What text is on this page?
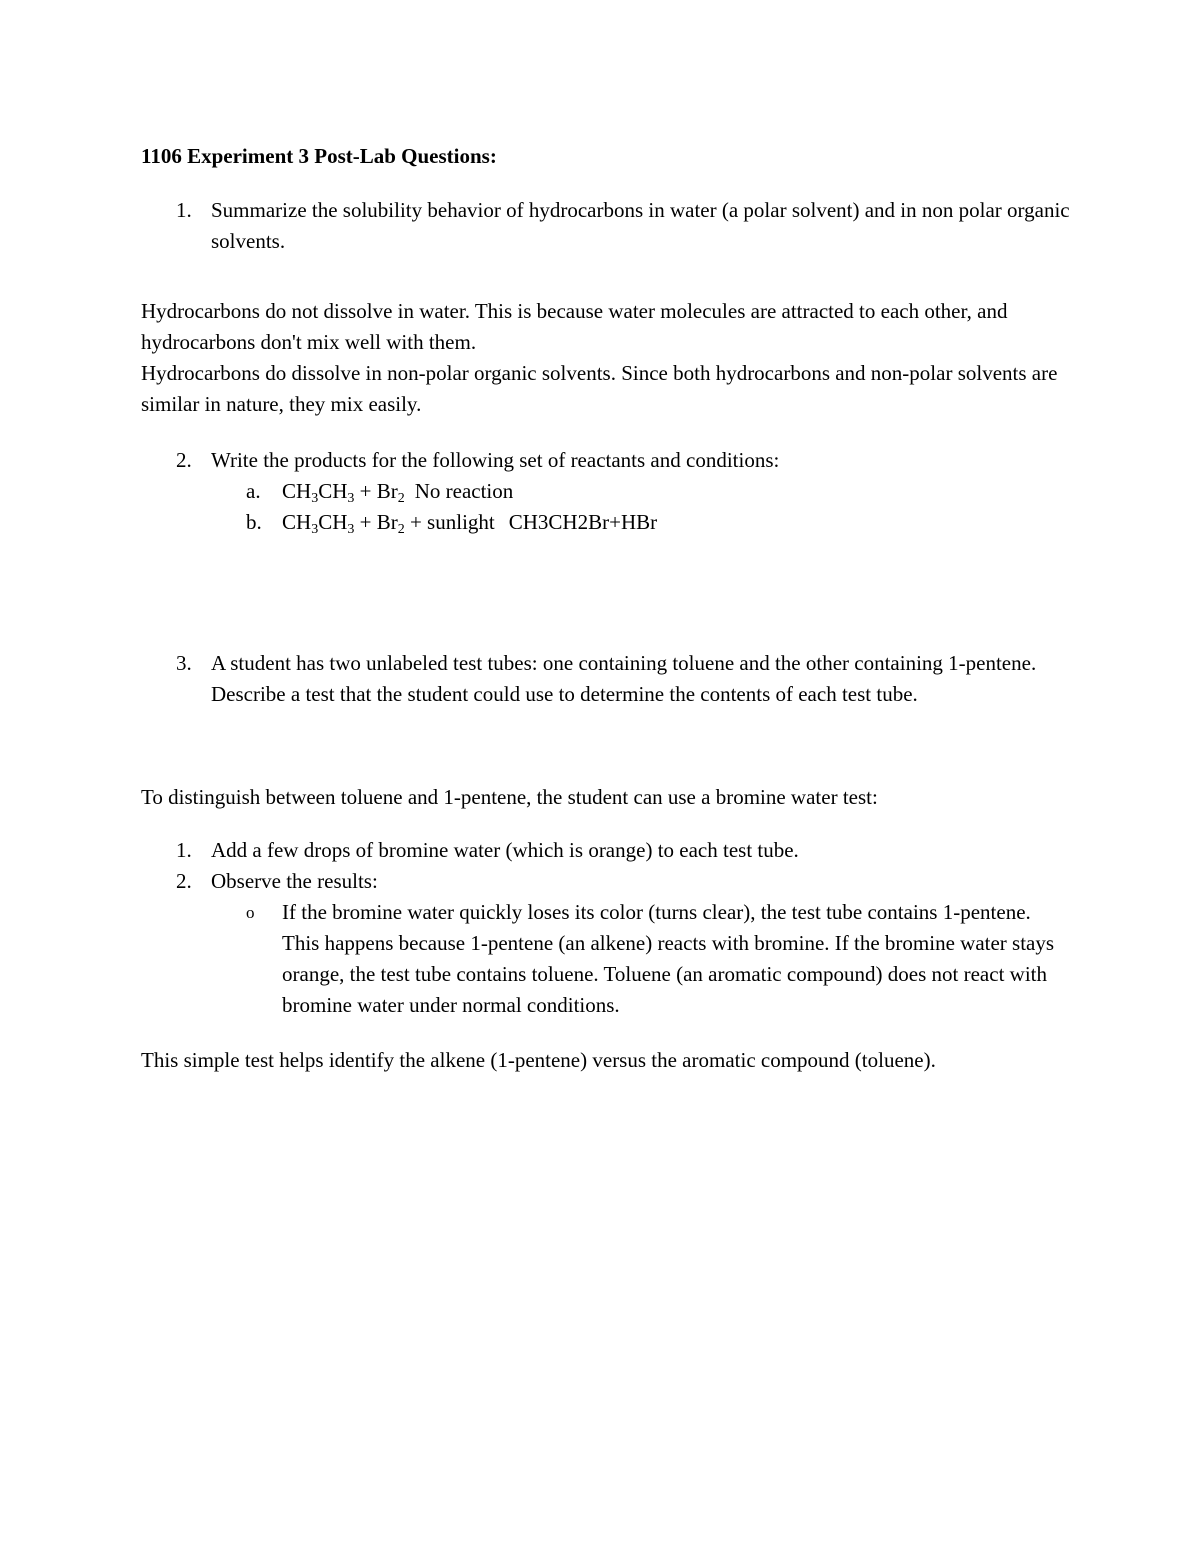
1106 Experiment 3 Post-Lab Questions:
1. Summarize the solubility behavior of hydrocarbons in water (a polar solvent) and in non polar organic solvents.
Hydrocarbons do not dissolve in water. This is because water molecules are attracted to each other, and hydrocarbons don't mix well with them.
Hydrocarbons do dissolve in non-polar organic solvents. Since both hydrocarbons and non-polar solvents are similar in nature, they mix easily.
2. Write the products for the following set of reactants and conditions:
a.	$CH_3CH_3 + Br_2$ No reaction
b. $CH_3CH_3 + Br_2$ + sunlight CH3CH2Br+HBr
3. A student has two unlabeled test tubes: one containing toluene and the other containing 1-pentene. Describe a test that the student could use to determine the contents of each test tube.
To distinguish between toluene and 1-pentene, the student can use a bromine water test:
1. Add a few drops of bromine water (which is orange) to each test tube.
2. Observe the results:
o	If the bromine water quickly loses its color (turns clear), the test tube contains 1-pentene. This happens because 1-pentene (an alkene) reacts with bromine. If the bromine water stays orange, the test tube contains toluene. Toluene (an aromatic compound) does not react with bromine water under normal conditions.
This simple test helps identify the alkene (1-pentene) versus the aromatic compound (toluene).
